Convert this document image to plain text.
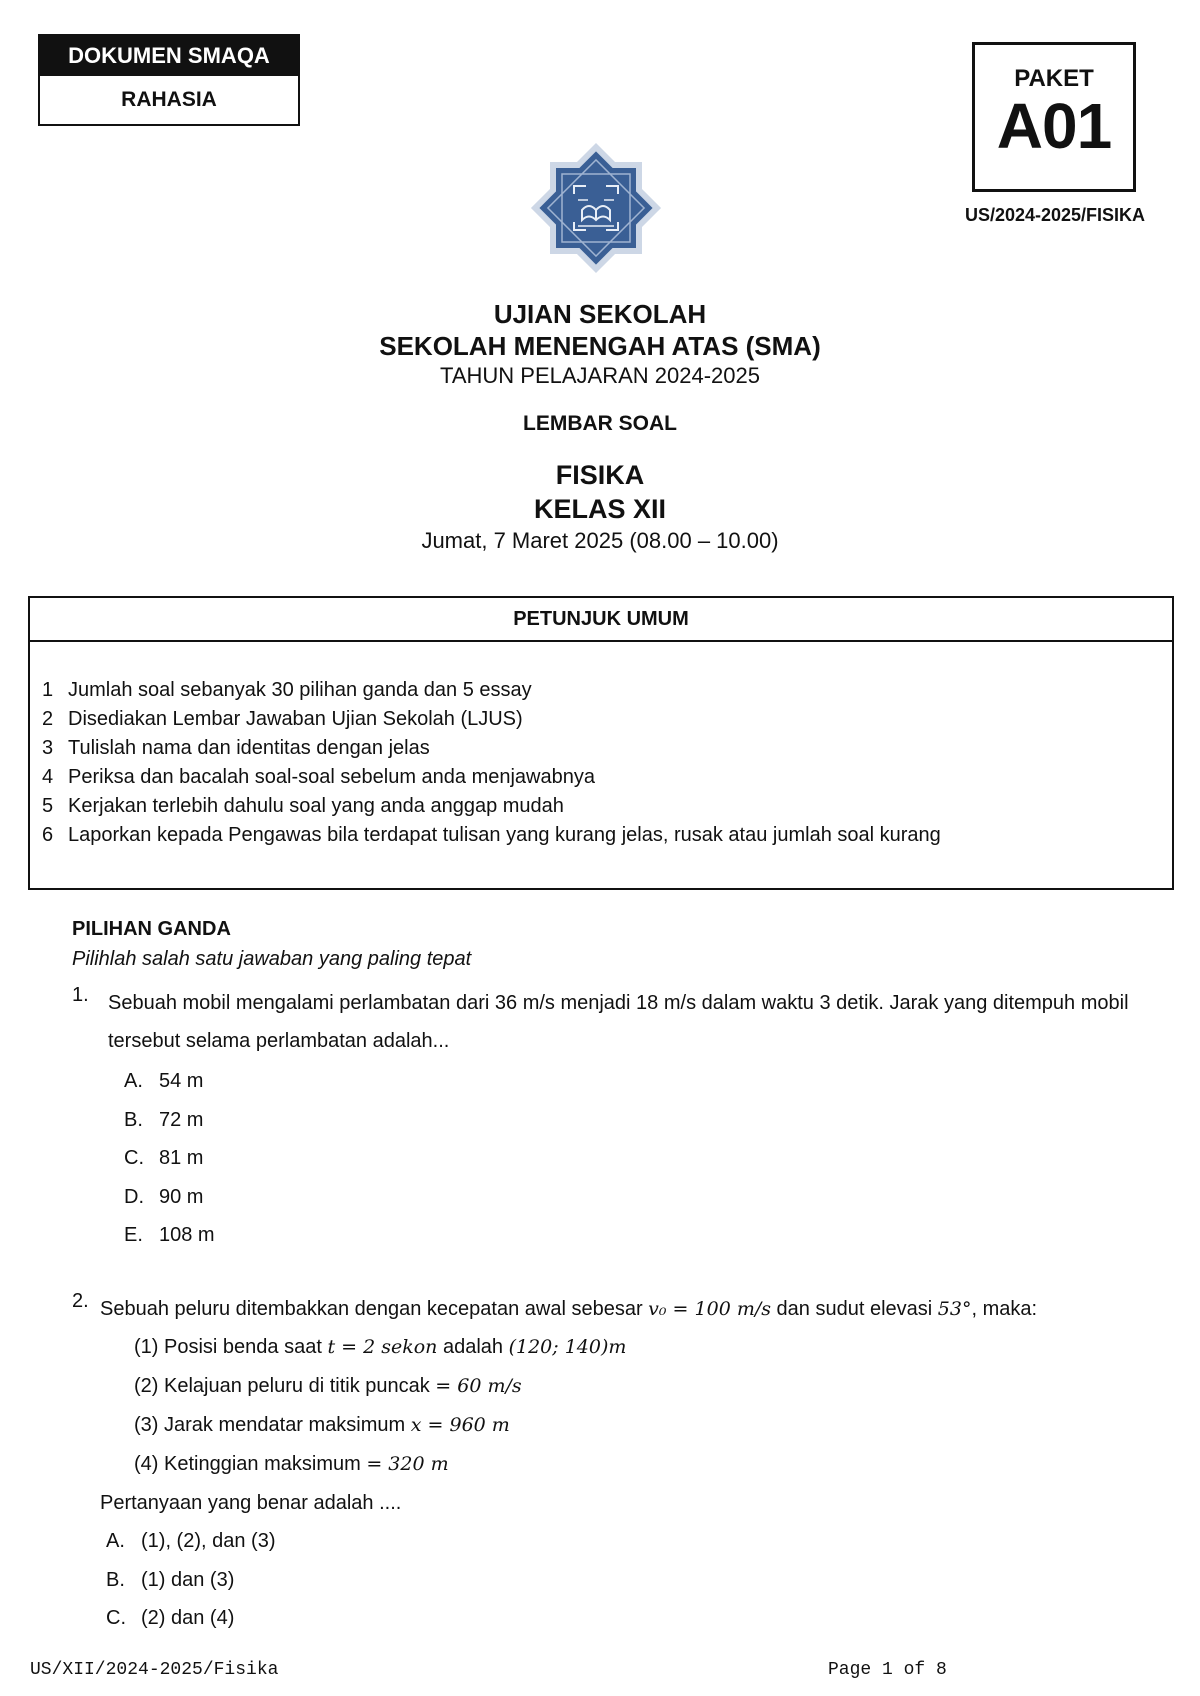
DOKUMEN SMAQA
RAHASIA
PAKET
A01
US/2024-2025/FISIKA
UJIAN SEKOLAH
SEKOLAH MENENGAH ATAS (SMA)
TAHUN PELAJARAN 2024-2025
LEMBAR SOAL
FISIKA
KELAS XII
Jumat, 7 Maret 2025 (08.00 – 10.00)
PETUNJUK UMUM
1 Jumlah soal sebanyak 30 pilihan ganda dan 5 essay
2 Disediakan Lembar Jawaban Ujian Sekolah (LJUS)
3 Tulislah nama dan identitas dengan jelas
4 Periksa dan bacalah soal-soal sebelum anda menjawabnya
5 Kerjakan terlebih dahulu soal yang anda anggap mudah
6 Laporkan kepada Pengawas bila terdapat tulisan yang kurang jelas, rusak atau jumlah soal kurang
PILIHAN GANDA
Pilihlah salah satu jawaban yang paling tepat
1. Sebuah mobil mengalami perlambatan dari 36 m/s menjadi 18 m/s dalam waktu 3 detik. Jarak yang ditempuh mobil tersebut selama perlambatan adalah...
A. 54 m
B. 72 m
C. 81 m
D. 90 m
E. 108 m
2. Sebuah peluru ditembakkan dengan kecepatan awal sebesar v₀ = 100 m/s dan sudut elevasi 53°, maka:
(1) Posisi benda saat t = 2 sekon adalah (120; 140)m
(2) Kelajuan peluru di titik puncak = 60 m/s
(3) Jarak mendatar maksimum x = 960 m
(4) Ketinggian maksimum = 320 m
Pertanyaan yang benar adalah ....
A. (1), (2), dan (3)
B. (1) dan (3)
C. (2) dan (4)
US/XII/2024-2025/Fisika	Page 1 of 8
